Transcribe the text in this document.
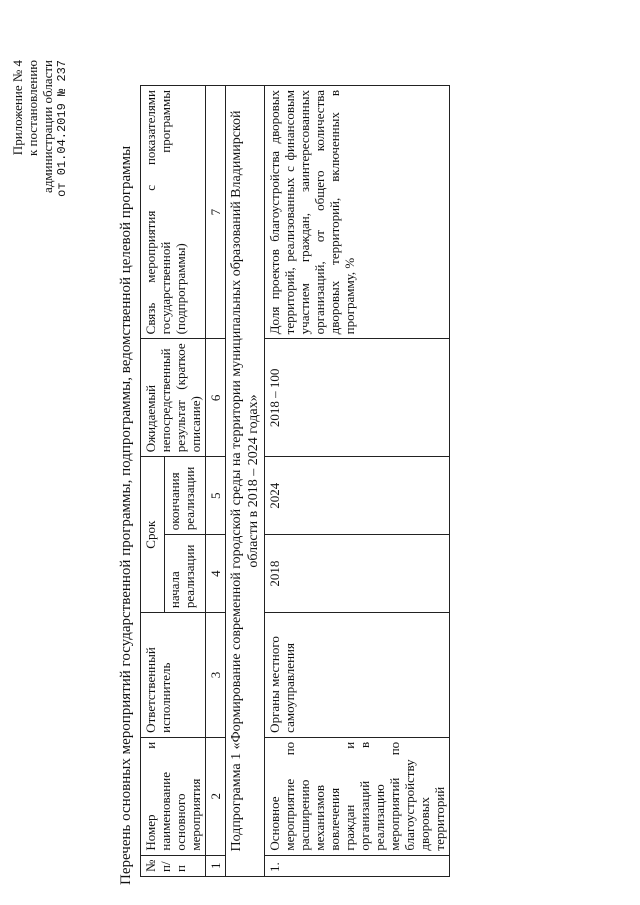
Приложение № 4 к постановлению администрации области от 01.04.2019 № 237
Перечень основных мероприятий государственной программы, подпрограммы, ведомственной целевой программы № п/п	Номер и наименование основного мероприятия	Ответственный исполнитель	Срок		Ожидаемый непосредственный результат (краткое описание)	Связь мероприятия с показателями государственной программы (подпрограммы)
			начала реализации	окончания реализации		
1	2	3	4	5	6	7
Подпрограмма 1 «Формирование современной городской среды на территории муниципальных образований Владимирской области в 2018 – 2024 годах»						
1.	Основное мероприятие по расширению механизмов вовлечения граждан и организаций в реализацию мероприятий по благоустройству дворовых территорий	Органы местного самоуправления	2018	2024	2018 – 100	Доля проектов благоустройства дворовых территорий, реализованных с финансовым участием граждан, заинтересованных организаций, от общего количества дворовых территорий, включенных в программу, %
